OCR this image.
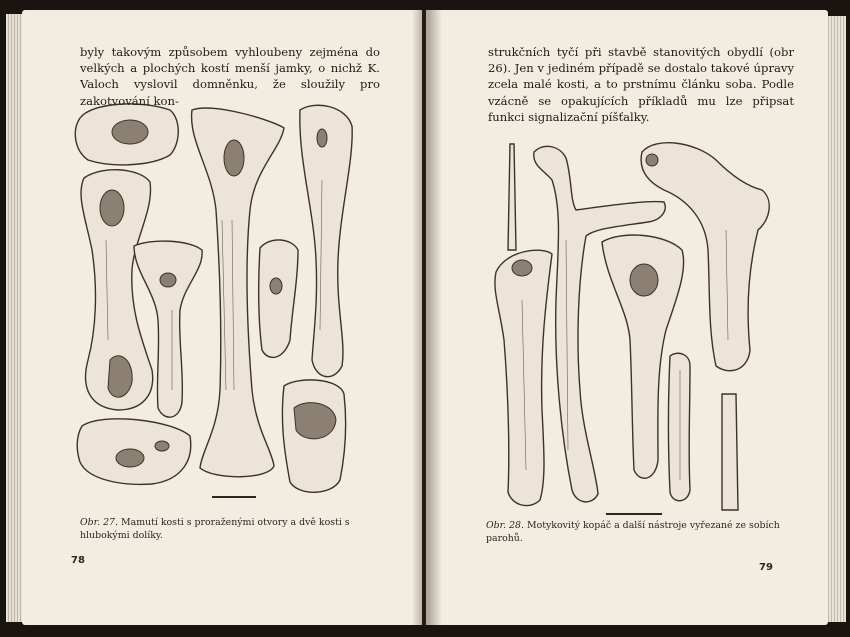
byly takovým způsobem vyhloubeny zejména do velkých a plochých kostí menší jamky, o nichž K. Valoch vyslovil domněnku, že sloužily pro zakotvování kon-
Obr. 27. Mamutí kosti s proraženými otvory a dvě kosti s hlubokými dolíky.
78
strukčních tyčí při stavbě stanovitých obydlí (obr 26). Jen v jediném případě se dostalo takové úpravy zcela malé kosti, a to prstnímu článku soba. Podle vzácně se opakujících příkladů mu lze připsat funkci signalizační píšťalky.
Obr. 28. Motykovitý kopáč a další nástroje vyřezané ze sobích parohů.
79
